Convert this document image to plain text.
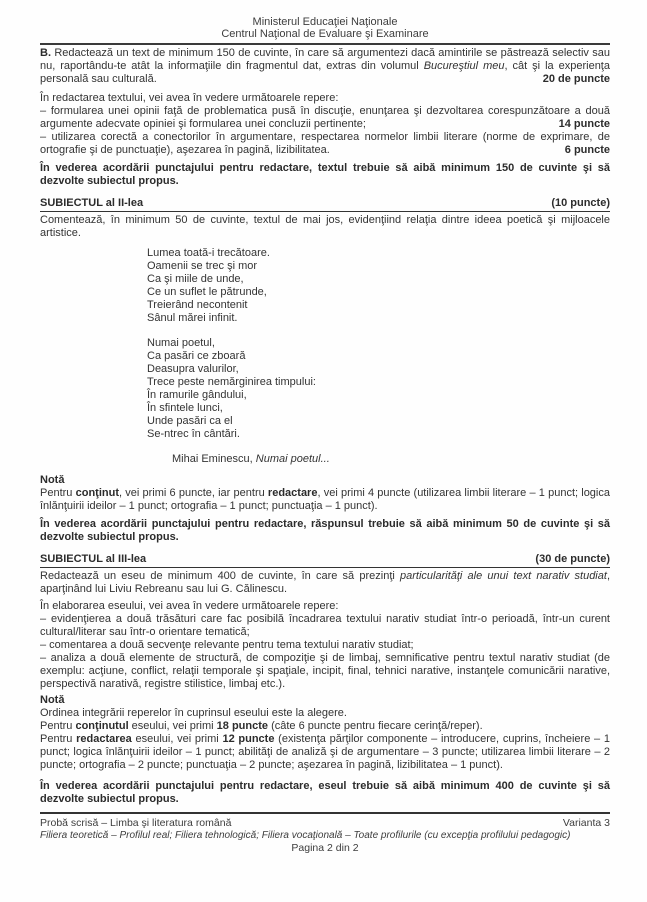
Ministerul Educaţiei Naţionale
Centrul Naţional de Evaluare şi Examinare
B. Redactează un text de minimum 150 de cuvinte, în care să argumentezi dacă amintirile se păstrează selectiv sau nu, raportându-te atât la informaţiile din fragmentul dat, extras din volumul Bucureştiul meu, cât şi la experienţa personală sau culturală.	20 de puncte
În redactarea textului, vei avea în vedere următoarele repere:
– formularea unei opinii faţă de problematica pusă în discuţie, enunţarea şi dezvoltarea corespunzătoare a două argumente adecvate opiniei şi formularea unei concluzii pertinente;	14 puncte
– utilizarea corectă a conectorilor în argumentare, respectarea normelor limbii literare (norme de exprimare, de ortografie şi de punctuaţie), aşezarea în pagină, lizibilitatea.	6 puncte
În vederea acordării punctajului pentru redactare, textul trebuie să aibă minimum 150 de cuvinte şi să dezvolte subiectul propus.
SUBIECTUL al II-lea	(10 puncte)
Comentează, în minimum 50 de cuvinte, textul de mai jos, evidenţiind relaţia dintre ideea poetică şi mijloacele artistice.
Lumea toată-i trecătoare.
Oamenii se trec şi mor
Ca şi miile de unde,
Ce un suflet le pătrunde,
Treierând necontenit
Sânul mărei infinit.
Numai poetul,
Ca pasări ce zboară
Deasupra valurilor,
Trece peste nemărginirea timpului:
În ramurile gândului,
În sfintele lunci,
Unde pasări ca el
Se-ntrec în cântări.
Mihai Eminescu, Numai poetul...
Notă
Pentru conţinut, vei primi 6 puncte, iar pentru redactare, vei primi 4 puncte (utilizarea limbii literare – 1 punct; logica înlănţuirii ideilor – 1 punct; ortografia – 1 punct; punctuaţia – 1 punct).
În vederea acordării punctajului pentru redactare, răspunsul trebuie să aibă minimum 50 de cuvinte şi să dezvolte subiectul propus.
SUBIECTUL al III-lea	(30 de puncte)
Redactează un eseu de minimum 400 de cuvinte, în care să prezinţi particularităţi ale unui text narativ studiat, aparţinând lui Liviu Rebreanu sau lui G. Călinescu.
În elaborarea eseului, vei avea în vedere următoarele repere:
– evidenţierea a două trăsături care fac posibilă încadrarea textului narativ studiat într-o perioadă, într-un curent cultural/literar sau într-o orientare tematică;
– comentarea a două secvenţe relevante pentru tema textului narativ studiat;
– analiza a două elemente de structură, de compoziţie şi de limbaj, semnificative pentru textul narativ studiat (de exemplu: acţiune, conflict, relaţii temporale şi spaţiale, incipit, final, tehnici narative, instanţele comunicării narative, perspectivă narativă, registre stilistice, limbaj etc.).
Notă
Ordinea integrării reperelor în cuprinsul eseului este la alegere.
Pentru conţinutul eseului, vei primi 18 puncte (câte 6 puncte pentru fiecare cerinţă/reper).
Pentru redactarea eseului, vei primi 12 puncte (existenţa părţilor componente – introducere, cuprins, încheiere – 1 punct; logica înlănţuirii ideilor – 1 punct; abilităţi de analiză şi de argumentare – 3 puncte; utilizarea limbii literare – 2 puncte; ortografia – 2 puncte; punctuaţia – 2 puncte; aşezarea în pagină, lizibilitatea – 1 punct).
În vederea acordării punctajului pentru redactare, eseul trebuie să aibă minimum 400 de cuvinte şi să dezvolte subiectul propus.
Probă scrisă – Limba şi literatura română	Varianta 3
Filiera teoretică – Profilul real; Filiera tehnologică; Filiera vocaţională – Toate profilurile (cu excepţia profilului pedagogic)
Pagina 2 din 2
